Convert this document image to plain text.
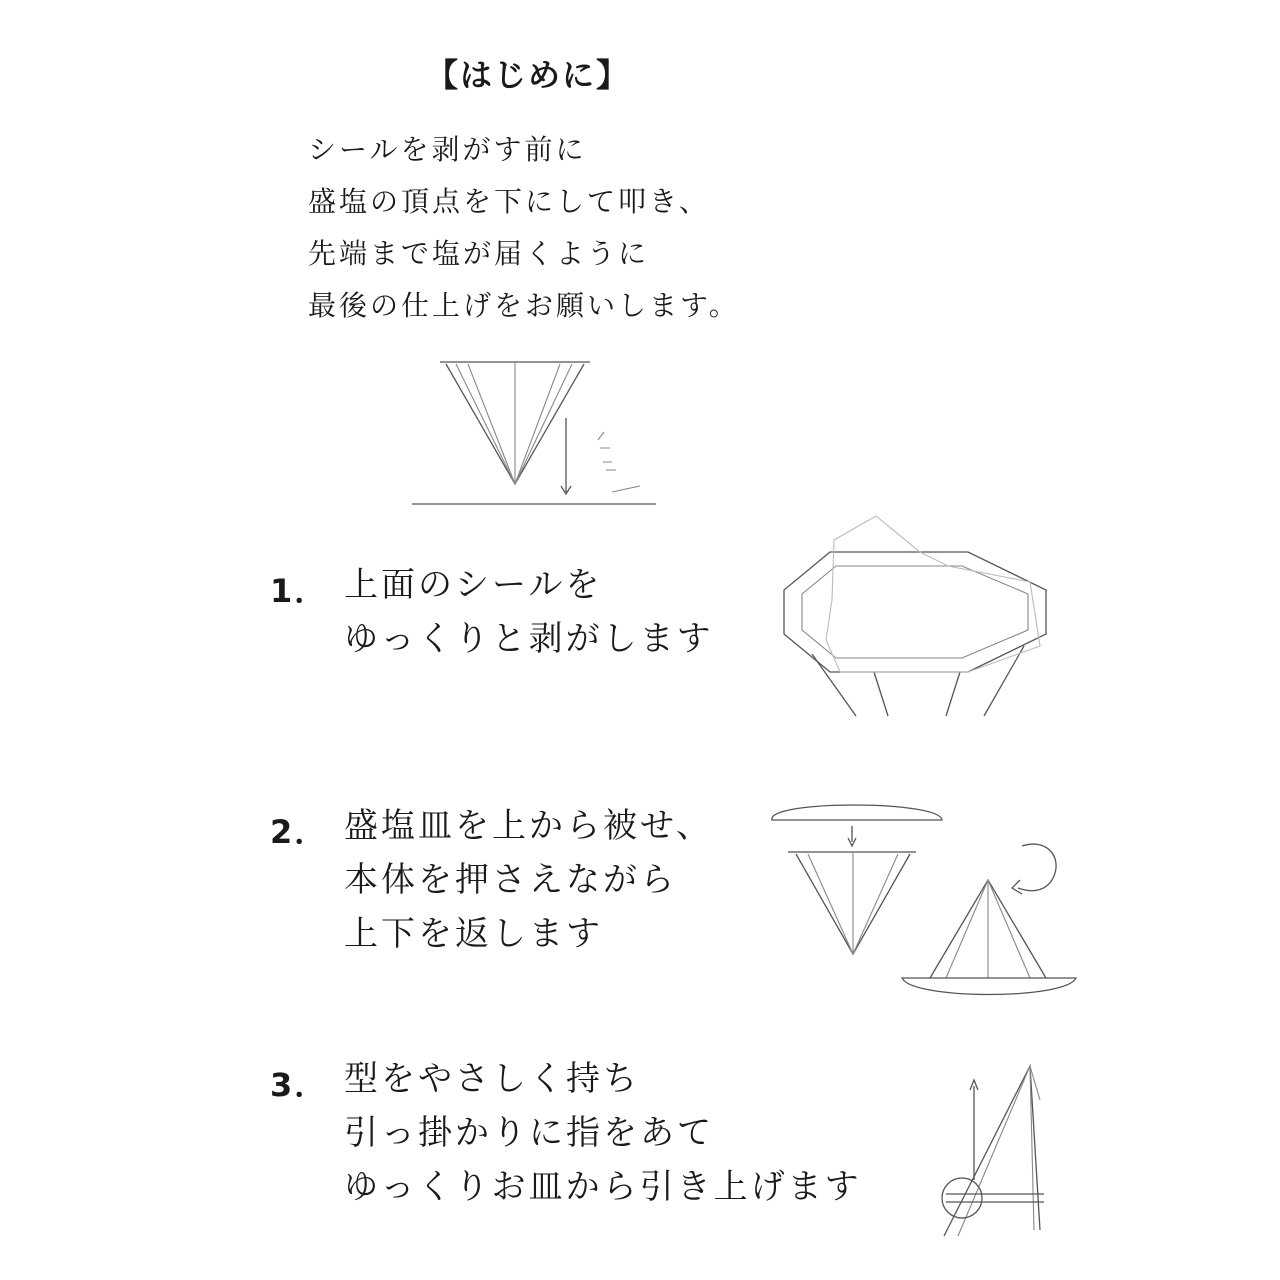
【はじめに】
シールを剥がす前に
盛塩の頂点を下にして叩き、
先端まで塩が届くように
最後の仕上げをお願いします。
1． 上面のシールを
ゆっくりと剥がします
2． 盛塩皿を上から被せ、
本体を押さえながら
上下を返します
3． 型をやさしく持ち
引っ掛かりに指をあて
ゆっくりお皿から引き上げます
